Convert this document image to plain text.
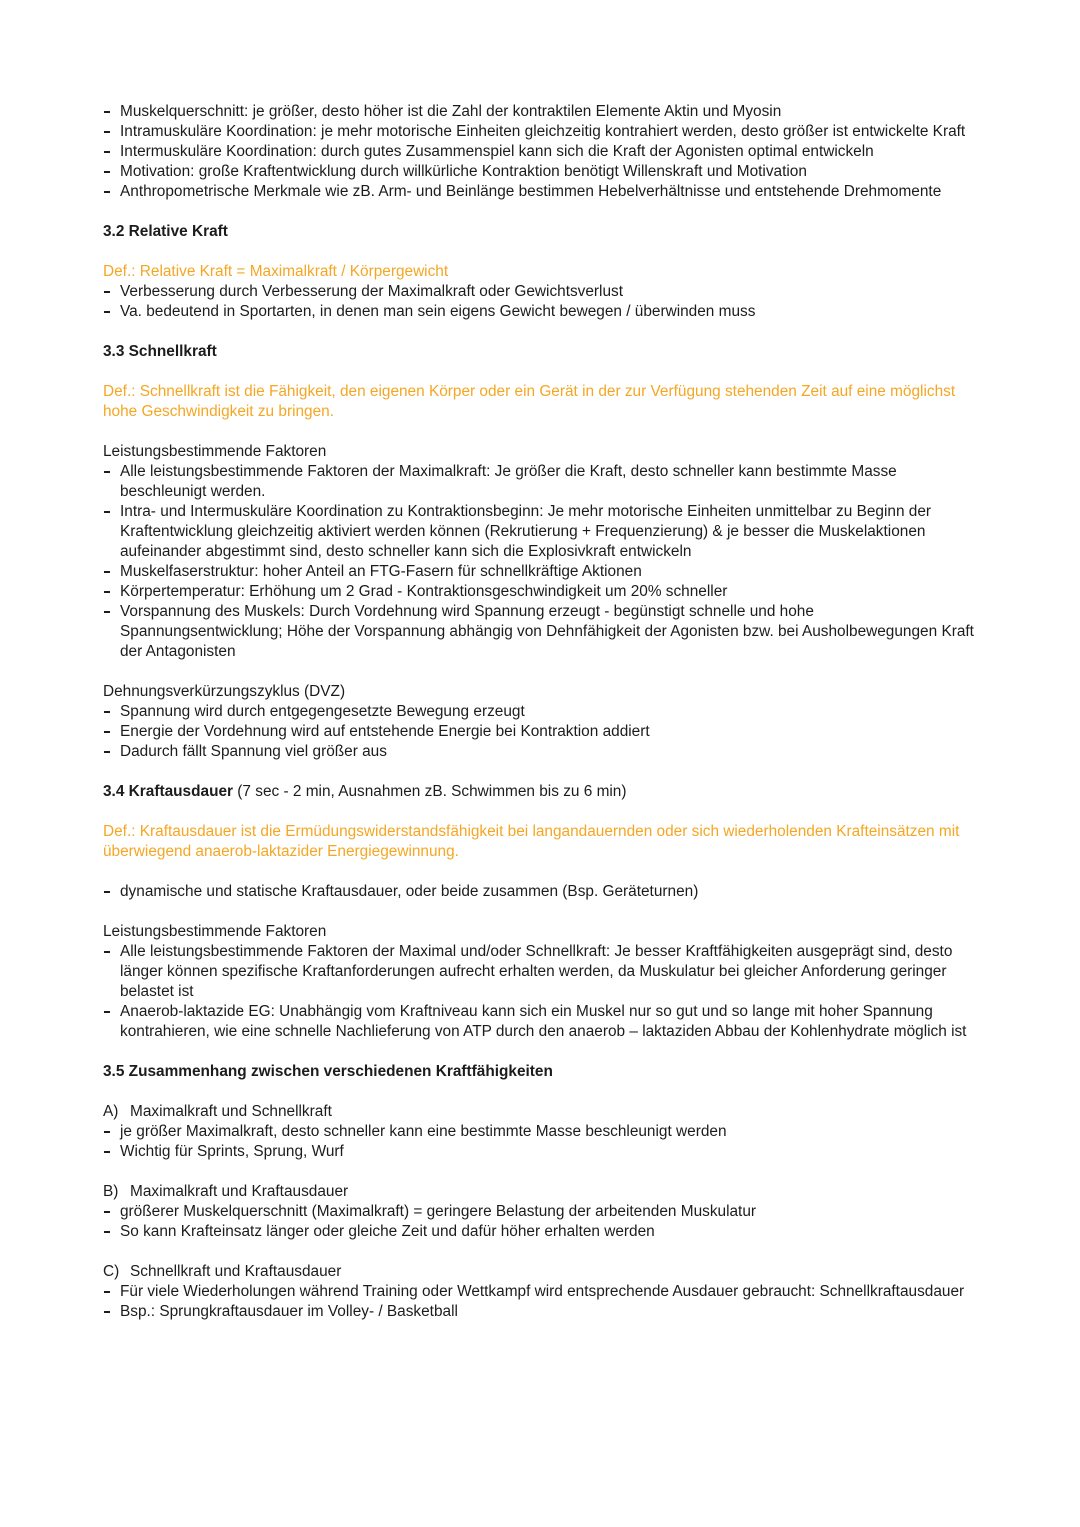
Muskelquerschnitt: je größer, desto höher ist die Zahl der kontraktilen Elemente Aktin und Myosin
Intramuskuläre Koordination: je mehr motorische Einheiten gleichzeitig kontrahiert werden, desto größer ist entwickelte Kraft
Intermuskuläre Koordination: durch gutes Zusammenspiel kann sich die Kraft der Agonisten optimal entwickeln
Motivation: große Kraftentwicklung durch willkürliche Kontraktion benötigt Willenskraft und Motivation
Anthropometrische Merkmale wie zB. Arm- und Beinlänge bestimmen Hebelverhältnisse und entstehende Drehmomente

3.2 Relative Kraft

Def.: Relative Kraft = Maximalkraft / Körpergewicht

Verbesserung durch Verbesserung der Maximalkraft oder Gewichtsverlust
Va. bedeutend in Sportarten, in denen man sein eigens Gewicht bewegen / überwinden muss

3.3 Schnellkraft

Def.: Schnellkraft ist die Fähigkeit, den eigenen Körper oder ein Gerät in der zur Verfügung stehenden Zeit auf eine möglichst hohe Geschwindigkeit zu bringen.

Leistungsbestimmende Faktoren

Alle leistungsbestimmende Faktoren der Maximalkraft: Je größer die Kraft, desto schneller kann bestimmte Masse beschleunigt werden.
Intra- und Intermuskuläre Koordination zu Kontraktionsbeginn: Je mehr motorische Einheiten unmittelbar zu Beginn der Kraftentwicklung gleichzeitig aktiviert werden können (Rekrutierung + Frequenzierung) & je besser die Muskelaktionen aufeinander abgestimmt sind, desto schneller kann sich die Explosivkraft entwickeln
Muskelfaserstruktur: hoher Anteil an FTG-Fasern für schnellkräftige Aktionen
Körpertemperatur: Erhöhung um 2 Grad - Kontraktionsgeschwindigkeit um 20% schneller
Vorspannung des Muskels: Durch Vordehnung wird Spannung erzeugt - begünstigt schnelle und hohe Spannungsentwicklung; Höhe der Vorspannung abhängig von Dehnfähigkeit der Agonisten bzw. bei Ausholbewegungen Kraft der Antagonisten

Dehnungsverkürzungszyklus (DVZ)

Spannung wird durch entgegengesetzte Bewegung erzeugt
Energie der Vordehnung wird auf entstehende Energie bei Kontraktion addiert
Dadurch fällt Spannung viel größer aus

3.4 Kraftausdauer (7 sec - 2 min, Ausnahmen zB. Schwimmen bis zu 6 min)

Def.: Kraftausdauer ist die Ermüdungswiderstandsfähigkeit bei langandauernden oder sich wiederholenden Krafteinsätzen mit überwiegend anaerob-laktazider Energiegewinnung.

dynamische und statische Kraftausdauer, oder beide zusammen (Bsp. Geräteturnen)

Leistungsbestimmende Faktoren

Alle leistungsbestimmende Faktoren der Maximal und/oder Schnellkraft: Je besser Kraftfähigkeiten ausgeprägt sind, desto länger können spezifische Kraftanforderungen aufrecht erhalten werden, da Muskulatur bei gleicher Anforderung geringer belastet ist
Anaerob-laktazide EG: Unabhängig vom Kraftniveau kann sich ein Muskel nur so gut und so lange mit hoher Spannung kontrahieren, wie eine schnelle Nachlieferung von ATP durch den anaerob – laktaziden Abbau der Kohlenhydrate möglich ist

3.5 Zusammenhang zwischen verschiedenen Kraftfähigkeiten

A) Maximalkraft und Schnellkraft

je größer Maximalkraft, desto schneller kann eine bestimmte Masse beschleunigt werden
Wichtig für Sprints, Sprung, Wurf

B) Maximalkraft und Kraftausdauer

größerer Muskelquerschnitt (Maximalkraft) = geringere Belastung der arbeitenden Muskulatur
So kann Krafteinsatz länger oder gleiche Zeit und dafür höher erhalten werden

C) Schnellkraft und Kraftausdauer

Für viele Wiederholungen während Training oder Wettkampf wird entsprechende Ausdauer gebraucht: Schnellkraftausdauer
Bsp.: Sprungkraftausdauer im Volley- / Basketball
